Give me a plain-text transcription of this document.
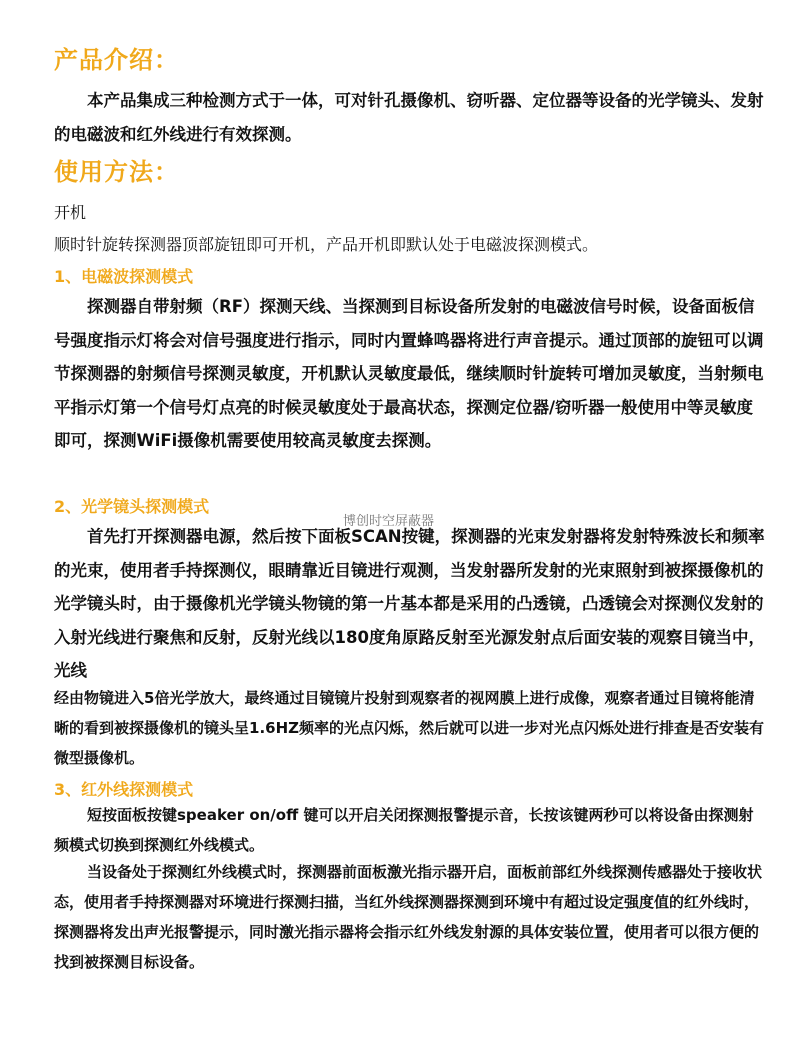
产品介绍：

本产品集成三种检测方式于一体，可对针孔摄像机、窃听器、定位器等设备的光学镜头、发射的电磁波和红外线进行有效探测。

使用方法：

开机

顺时针旋转探测器顶部旋钮即可开机，产品开机即默认处于电磁波探测模式。

1、电磁波探测模式

探测器自带射频（RF）探测天线、当探测到目标设备所发射的电磁波信号时候，设备面板信号强度指示灯将会对信号强度进行指示，同时内置蜂鸣器将进行声音提示。通过顶部的旋钮可以调节探测器的射频信号探测灵敏度，开机默认灵敏度最低，继续顺时针旋转可增加灵敏度，当射频电平指示灯第一个信号灯点亮的时候灵敏度处于最高状态，探测定位器/窃听器一般使用中等灵敏度即可，探测WiFi摄像机需要使用较高灵敏度去探测。

2、光学镜头探测模式
博创时空屏蔽器

首先打开探测器电源，然后按下面板SCAN按键，探测器的光束发射器将发射特殊波长和频率的光束，使用者手持探测仪，眼睛靠近目镜进行观测，当发射器所发射的光束照射到被探摄像机的光学镜头时，由于摄像机光学镜头物镜的第一片基本都是采用的凸透镜，凸透镜会对探测仪发射的入射光线进行聚焦和反射，反射光线以180度角原路反射至光源发射点后面安装的观察目镜当中，光线

经由物镜进入5倍光学放大，最终通过目镜镜片投射到观察者的视网膜上进行成像，观察者通过目镜将能清晰的看到被探摄像机的镜头呈1.6HZ频率的光点闪烁，然后就可以进一步对光点闪烁处进行排查是否安装有微型摄像机。

3、红外线探测模式

短按面板按键speaker on/off 键可以开启关闭探测报警提示音，长按该键两秒可以将设备由探测射频模式切换到探测红外线模式。

当设备处于探测红外线模式时，探测器前面板激光指示器开启，面板前部红外线探测传感器处于接收状态，使用者手持探测器对环境进行探测扫描，当红外线探测器探测到环境中有超过设定强度值的红外线时，探测器将发出声光报警提示，同时激光指示器将会指示红外线发射源的具体安装位置，使用者可以很方便的找到被探测目标设备。
